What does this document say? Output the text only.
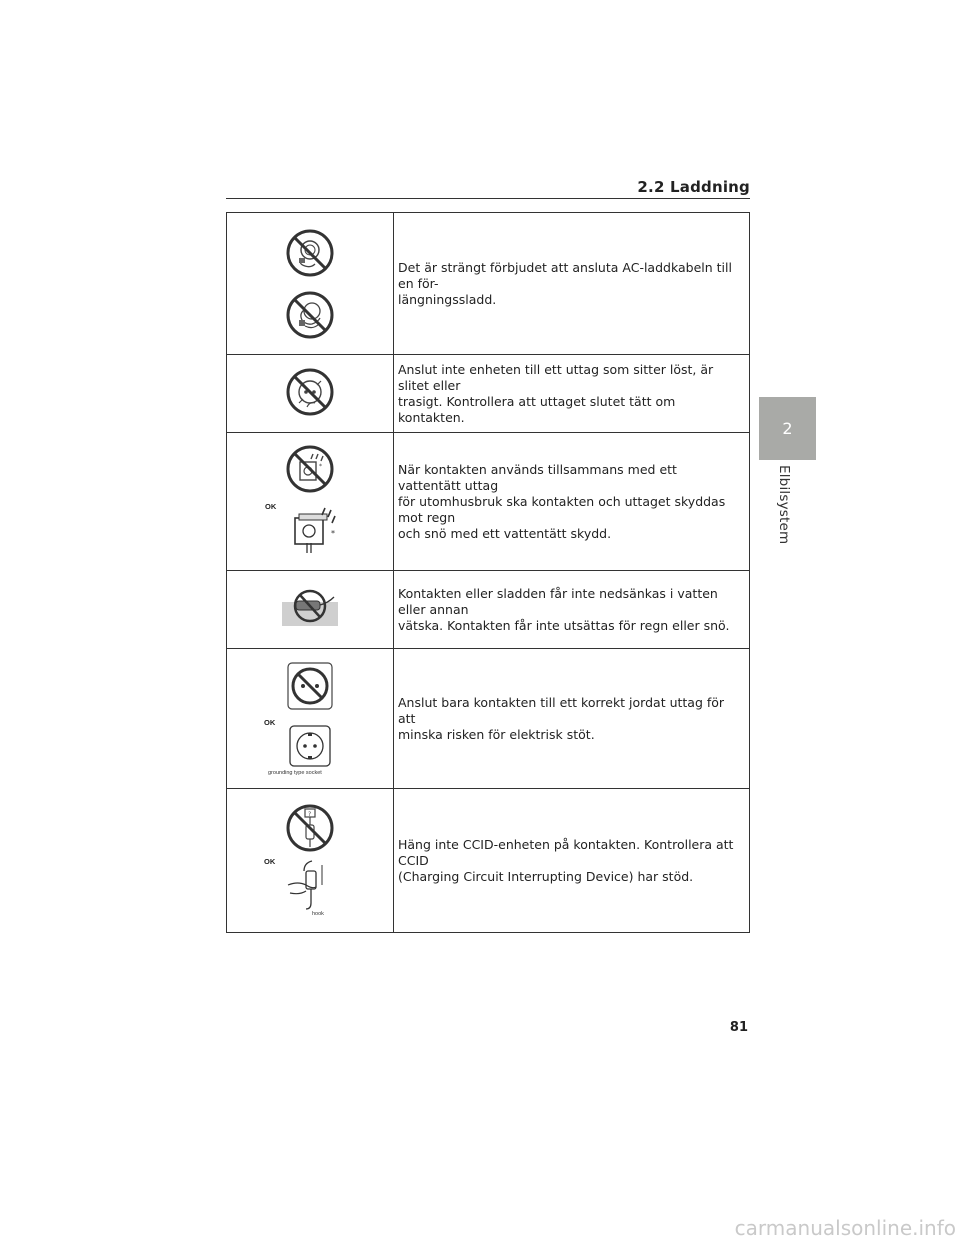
2.2 Laddning
2
Elbilsystem
	Det är strängt förbjudet att ansluta AC-laddkabeln till en för-
längningssladd.
	Anslut inte enheten till ett uttag som sitter löst, är slitet eller
trasigt. Kontrollera att uttaget slutet tätt om kontakten.

*
OK
*	När kontakten används tillsammans med ett vattentätt uttag
för utomhusbruk ska kontakten och uttaget skyddas mot regn
och snö med ett vattentätt skydd.
	Kontakten eller sladden får inte nedsänkas i vatten eller annan
vätska. Kontakten får inte utsättas för regn eller snö.

OK
grounding type socket	Anslut bara kontakten till ett korrekt jordat uttag för att
minska risken för elektrisk stöt.

?
OK
hook	Häng inte CCID-enheten på kontakten. Kontrollera att CCID
(Charging Circuit Interrupting Device) har stöd.
81
carmanualsonline.info
